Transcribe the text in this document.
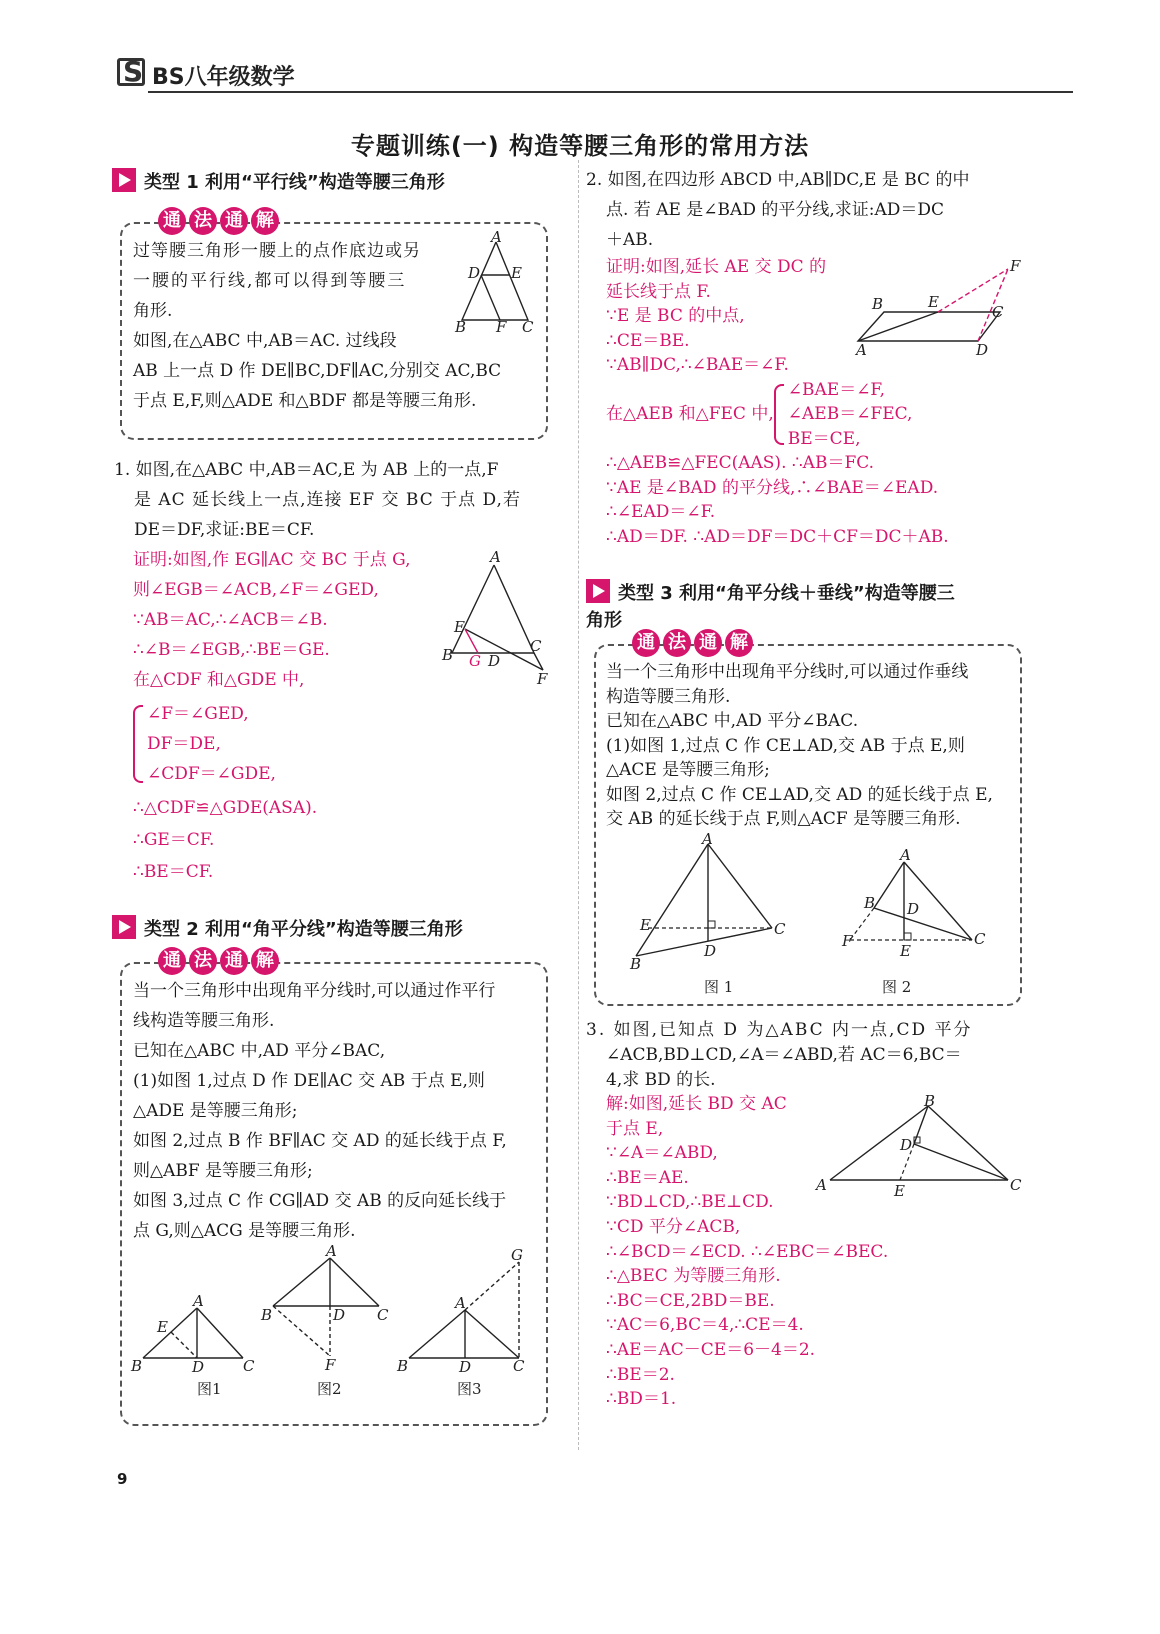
S
BS八年级数学
专题训练(一) 构造等腰三角形的常用方法
类型 1 利用“平行线”构造等腰三角形
通 法 通 解
过等腰三角形一腰上的点作底边或另
一腰的平行线,都可以得到等腰三
角形.
如图,在△ABC 中,AB＝AC. 过线段
AB 上一点 D 作 DE∥BC,DF∥AC,分别交 AC,BC
于点 E,F,则△ADE 和△BDF 都是等腰三角形.
A
D E
B F C
1. 如图,在△ABC 中,AB＝AC,E 为 AB 上的一点,F
是 AC 延长线上一点,连接 EF 交 BC 于点 D,若
DE＝DF,求证:BE＝CF.
证明:如图,作 EG∥AC 交 BC 于点 G,
则∠EGB＝∠ACB,∠F＝∠GED,
∵AB＝AC,∴∠ACB＝∠B.
∴∠B＝∠EGB,∴BE＝GE.
在△CDF 和△GDE 中,
∠F＝∠GED,
DF＝DE,
∠CDF＝∠GDE,
∴△CDF≌△GDE(ASA).
∴GE＝CF.
∴BE＝CF.
A
E
B G D
C
F
类型 2 利用“角平分线”构造等腰三角形
通 法 通 解
当一个三角形中出现角平分线时,可以通过作平行
线构造等腰三角形.
已知在△ABC 中,AD 平分∠BAC,
(1)如图 1,过点 D 作 DE∥AC 交 AB 于点 E,则
△ADE 是等腰三角形;
如图 2,过点 B 作 BF∥AC 交 AD 的延长线于点 F,
则△ABF 是等腰三角形;
如图 3,过点 C 作 CG∥AD 交 AB 的反向延长线于
点 G,则△ACG 是等腰三角形.
A
E
B	D	C
图1
A
B	D C
F
图2
G
A
B	D	C
图3
2. 如图,在四边形 ABCD 中,AB∥DC,E 是 BC 的中
点. 若 AE 是∠BAD 的平分线,求证:AD＝DC
＋AB.
证明:如图,延长 AE 交 DC 的
延长线于点 F.
∵E 是 BC 的中点,
∴CE＝BE.
∵AB∥DC,∴∠BAE＝∠F.
在△AEB 和△FEC 中,
∠BAE＝∠F,
∠AEB＝∠FEC,
BE＝CE,
∴△AEB≌△FEC(AAS). ∴AB＝FC.
∵AE 是∠BAD 的平分线,∴∠BAE＝∠EAD.
∴∠EAD＝∠F.
∴AD＝DF. ∴AD＝DF＝DC＋CF＝DC＋AB.
F
B	E
C
A	D
类型 3 利用“角平分线＋垂线”构造等腰三
角形
通 法 通 解
当一个三角形中出现角平分线时,可以通过作垂线
构造等腰三角形.
已知在△ABC 中,AD 平分∠BAC.
(1)如图 1,过点 C 作 CE⊥AD,交 AB 于点 E,则
△ACE 是等腰三角形;
如图 2,过点 C 作 CE⊥AD,交 AD 的延长线于点 E,
交 AB 的延长线于点 F,则△ACF 是等腰三角形.
A
E	C
D
B
图 1
A
B D
F
E
C
图 2
3. 如图,已知点 D 为△ABC 内一点,CD 平分
∠ACB,BD⊥CD,∠A＝∠ABD,若 AC＝6,BC＝
4,求 BD 的长.
解:如图,延长 BD 交 AC
于点 E,
∵∠A＝∠ABD,
∴BE＝AE.
∵BD⊥CD,∴BE⊥CD.
∵CD 平分∠ACB,
∴∠BCD＝∠ECD. ∴∠EBC＝∠BEC.
∴△BEC 为等腰三角形.
∴BC＝CE,2BD＝BE.
∵AC＝6,BC＝4,∴CE＝4.
∴AE＝AC－CE＝6－4＝2.
∴BE＝2.
∴BD＝1.
B
D
A	E	C
9
